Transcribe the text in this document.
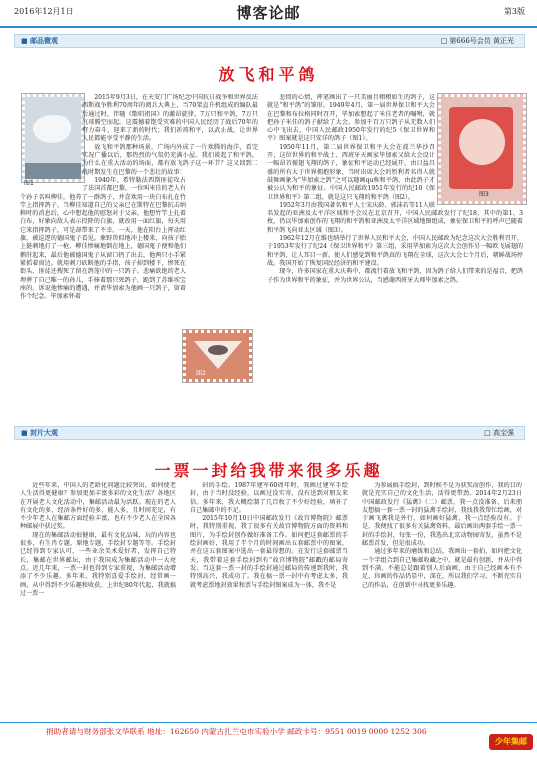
2016年12月1日	博客论邮	第3版
■ 邮品微观	□ 第666号会员 黄正光
放飞和平鸽
图1
图3

2015年9月3日，在天安门广场纪念中国抗日战争和世界反法西斯战争胜利70周年的阅兵大典上，当70架直升机组成的编队最后通过时，伴随《歌唱祖国》的激昂旋律，7万只和平鸽、7万只气球腾空而起。这震撼着饱受灾难的中国人民经历了战后70年的努力奋斗，迎来了新的时代；我们祈祷和平，以武止战，让世界人民都能享受平静的生活。

放飞和平鸽那种场景，广场内外成了一片欢腾的海洋，看完实况广播以后，那热烈的气氛仍充满小屋。我们谈起了和平鸽，为什么在重大活动的场面，都有放飞鸽子这一环节？这又回到二战时期发生在巴黎的一个悲壮的故事：

1940年，希特勒法西斯匪徒攻占了法国首都巴黎，一位叫米佳的老人有个孙子名叫柳佳，他养了一群鸽子，并喜欢用一块白布扎在竹竿上指挥鸽子。当柳佳知道自己的父亲已在斯特在巴黎抗击纳粹时的消息后，心中想起他的慰怒对于父亲，他想竹竿上扎着白布，好象向敌人表示投降的白旗，就改用一面红旗，每天用它来指挥鸽子，可是却带来了不幸。一天，他在阳台上挥动红旗，被巡逻的德国鬼子看见。象野兽似地冲上楼来，向孩子胎上挺刺地打了一枪，柳佳惨痛地倒在地上，德国鬼子便和他们鹅肝起来，最后他被德国鬼子从窗口扔了出去，他两只小手紧紧抓着窗边。就用刺刀砍断他的手指，孩子掉到楼下，惨死在街头，匪徒还搜死了留在鸽笼中的一只鸽子。悲痛欲绝的老人埋葬了自己唯一的孙儿，手捧着那只死鸽子，跪到了苏维埃宝座的。诉说他惨痛的遭遇，并请毕加索为他画一只鸽子，留着作个纪念。毕加索怀着

图2

悲愤的心情，挥笔画出了一只美丽且栩栩如生的鸽子，这就是“和平鸽”的雏形。1949年4月，第一届世界保卫和平大会在巴黎和布拉格同时召开，毕加索想起了米佳老者的嘱咐，就把孙子米佳的鸽子献给了大会。参加千百万只鸽子从无数人们心中飞出去，中国人民邮政1950年发行的纪5《保卫世界和平》图案就是这只安详的鸽子（图1）。

1950年11月，第二届世界保卫和平大会在波兰华沙召开，这位世界的和平战士、西班牙天画家毕加索又给大会设计一幅昂首振翅飞翔的鸽子，象征和平运动已经展开，由日益昌盛的所有大于世界拥抱形象，当时出席大会的暂利者名得人就鼓舞画象为“毕加索之鸽”之可以随画qu称和平鸽，由此鸽子才被公认为和平的象征。中国人民邮政1951年发行的纪10《保卫世界和平》第二组，就是这只飞翔的和平鸽（图2）。

1952年3月由我国著名和平人士宋庆龄、郭沫若等11人联名发起的亚洲及太平洋区域和平会议在北京召开，中国人民邮政发行了纪18，其中的第1、3枚，仍以毕加索创作的飞翔的和平鸽和亚洲及太平洋区域地图组成，象征保卫和平的呼声已随着和平鸽飞向亚太区域（图3）。

1962年12月在维也纳举行了世界人民和平大会，中国人民邮政为纪念这次大会胜利召开，于1953年发行了纪24《保卫世界和平》第三组，采用毕加索为这次大会创作另一幅欧飞展翅的和平鸽，让人耳目一新。使人们感觉到和平鸽真的飞翔在全球，这次大会七个月后，朝鲜战场停战。我国开始了恢复国民经济的和平建设。

现今，许多国家在重大庆典中，都流行着放飞和平鸽，因为鸽子给人们带来的是福音，把鸽子作为世界和平的象征，并为世界公认，当感谢西班牙大师毕加索之鸽。

■ 封片大观	□ 高宝强
一票一封给我带来很多乐趣

近些年来，中国人的老龄化问题比较突出，如何使老人生活得更健康？参加更加丰富多彩的文化生活？各地区在开展老人文化活动中，集邮活动最为活跃。现在的老人有文化的多，经济条件好的多，能人多，且时间充足，有不少年老人在集邮方面经验丰富，也有不少老人在全国各种邮展中获过奖。

现在的集邮活动很健康，最有文化品味，玩的内容也很多，有生肖专题、原地专题、手绘封专题等等。手绘封已经得到专家认可，一些业余美术爱好者，发挥自己特长，集邮在世界邮坛，由于我国成为集邮活动中一大亮点。近几年来，一票一封也得到专家重视，为集邮活动增添了不少乐趣。多年来，我特别喜爱手绘封，经常画一画，从中得到不少乐趣和收获。上世纪80年代起，我就搞过一票一

封的手绘。1987年建军60周年时，我画过建军手绘封，由于当时没经验，以画过没实寄，没有送到对朋友来信。多年来，我大概绘制了几百枚了不少好经验，填补了自己集邮中的不足。

2015年10月10日中国邮政发行《故宫博物院》邮票时，我特别重视，我了很多有关故宫博物院方面的资料和图片，为手绘封创作做好准备工作。如何把这套邮票的手绘封画好，我用了半个月的时间画出五套邮票中的图案，并在这五套图案中选出一套最得想的。在发行这套邮票当天，我带着这套手绘封到有“故宫博物院”邮戳的邮局寄发。当这套一票一封的手绘封通过邮局的传递到我时，我特别高兴，我成功了。我在搞一票一封中有考虑太多，我就考虑票地封效果和票与手绘封图案成为一体，我不是

为参展搞手绘封，到时候不是为获奖而创作，我的目的就是充实自己的文化生活，活得更带劲。2014年2月23日中国邮政发行《猛禽》（二）邮票，我一点没准备，后来朋友想搞一套一票一封的猛禽手绘封，我找我我帮忙绘画，对于画飞禽我是外行，如何画好猛禽，我一点经验没有。于是，我便找了很多有关猛禽资料，最后画出两套手绘一票一封的手绘封，每张一份，我选出北京动物园寄发，虽然不是邮票首发，但是很成功。

通过多年来的磨练和总结，我画出一套拍，如何把文化一个字组合到自己集邮收藏之中，就是最有创新，并从中得到不满，不能总是跟着别人后面画，由于自己经画本有不足，你画的作品仍显中，深在，所以我们学习，不断充实自己的作品，在创新中寻找更多乐趣。

捐助者请与财务部张文华联系 地址：162650 内蒙古扎兰屯市实验小学 邮政卡号：9551 0019 0000 1252 306
少年集邮
